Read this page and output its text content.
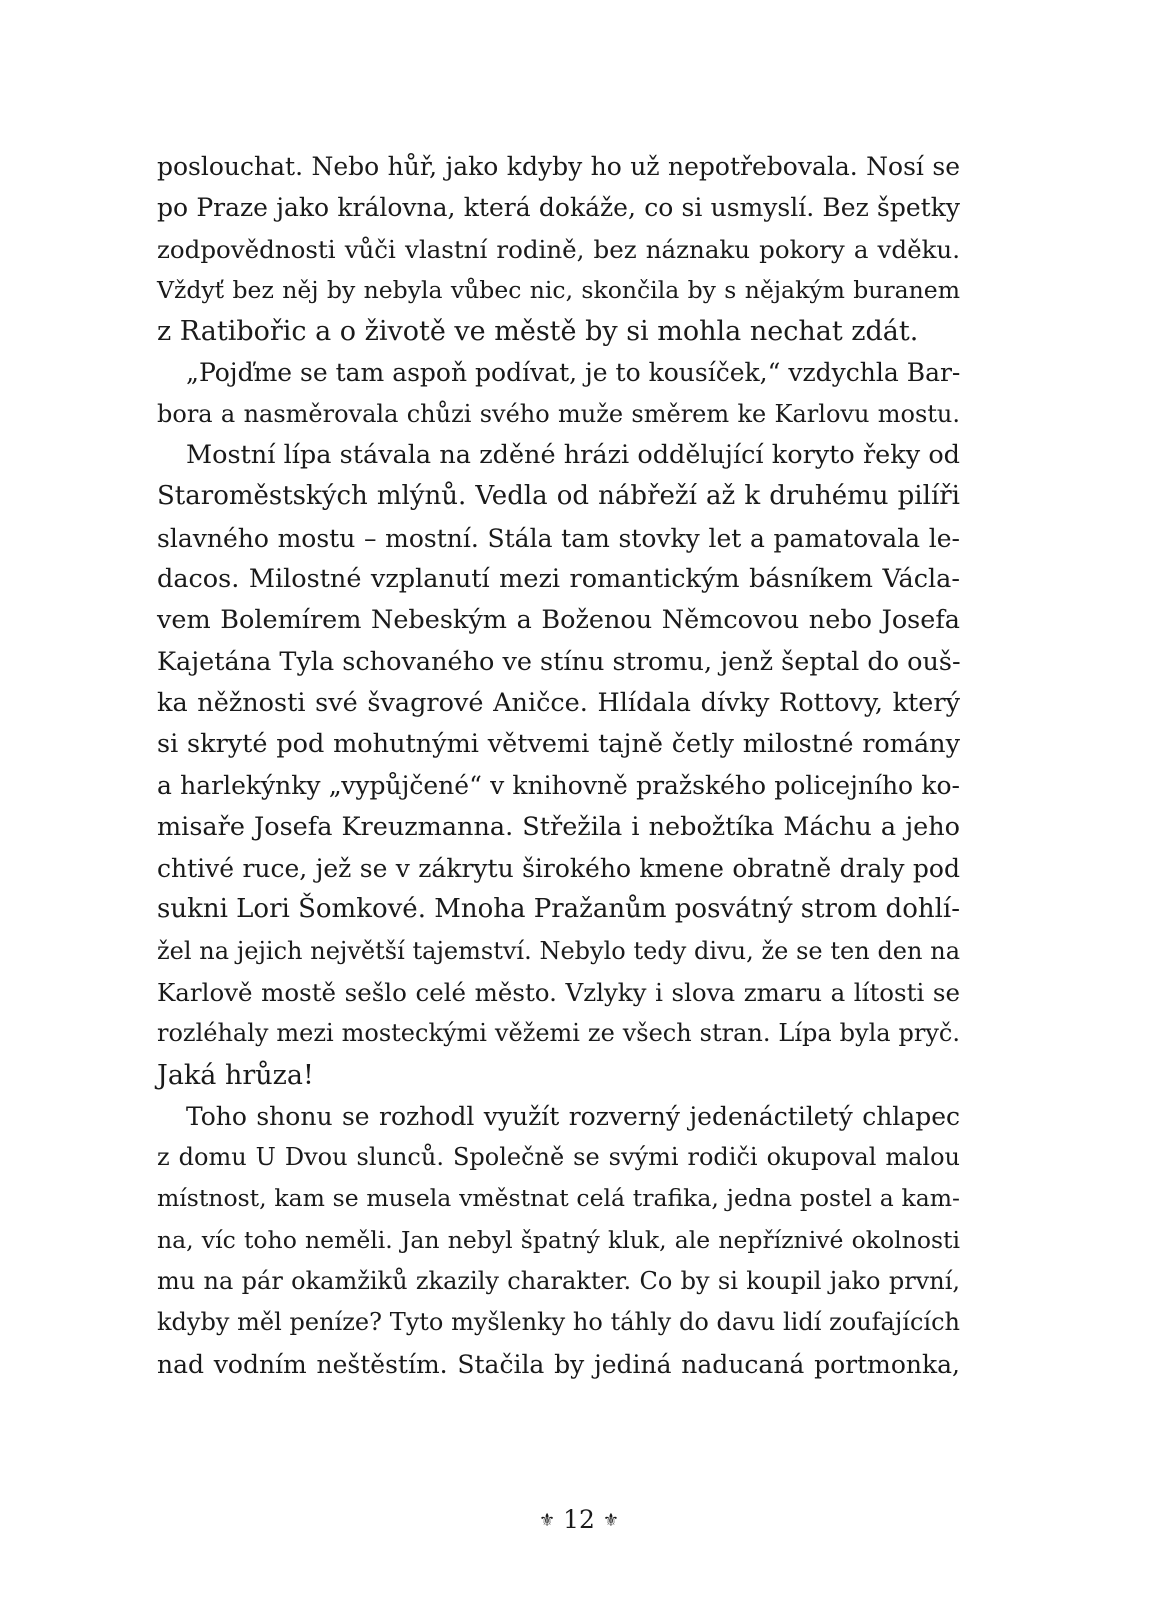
poslouchat. Nebo hůř, jako kdyby ho už nepotřebovala. Nosí se
po Praze jako královna, která dokáže, co si usmyslí. Bez špetky
zodpovědnosti vůči vlastní rodině, bez náznaku pokory a vděku.
Vždyť bez něj by nebyla vůbec nic, skončila by s nějakým buranem
z Ratibořic a o životě ve městě by si mohla nechat zdát.
„Pojďme se tam aspoň podívat, je to kousíček,“ vzdychla Bar-
bora a nasměrovala chůzi svého muže směrem ke Karlovu mostu.
Mostní lípa stávala na zděné hrázi oddělující koryto řeky od
Staroměstských mlýnů. Vedla od nábřeží až k druhému pilíři
slavného mostu – mostní. Stála tam stovky let a pamatovala le-
dacos. Milostné vzplanutí mezi romantickým básníkem Václa-
vem Bolemírem Nebeským a Boženou Němcovou nebo Josefa
Kajetána Tyla schovaného ve stínu stromu, jenž šeptal do ouš-
ka něžnosti své švagrové Aničce. Hlídala dívky Rottovy, který
si skryté pod mohutnými větvemi tajně četly milostné romány
a harlekýnky „vypůjčené“ v knihovně pražského policejního ko-
misaře Josefa Kreuzmanna. Střežila i nebožtíka Máchu a jeho
chtivé ruce, jež se v zákrytu širokého kmene obratně draly pod
sukni Lori Šomkové. Mnoha Pražanům posvátný strom dohlí-
žel na jejich největší tajemství. Nebylo tedy divu, že se ten den na
Karlově mostě sešlo celé město. Vzlyky i slova zmaru a lítosti se
rozléhaly mezi mosteckými věžemi ze všech stran. Lípa byla pryč.
Jaká hrůza!
Toho shonu se rozhodl využít rozverný jedenáctiletý chlapec
z domu U Dvou slunců. Společně se svými rodiči okupoval malou
místnost, kam se musela vměstnat celá trafika, jedna postel a kam-
na, víc toho neměli. Jan nebyl špatný kluk, ale nepříznivé okolnosti
mu na pár okamžiků zkazily charakter. Co by si koupil jako první,
kdyby měl peníze? Tyto myšlenky ho táhly do davu lidí zoufajících
nad vodním neštěstím. Stačila by jediná naducaná portmonka,
⚜ 12 ⚜
